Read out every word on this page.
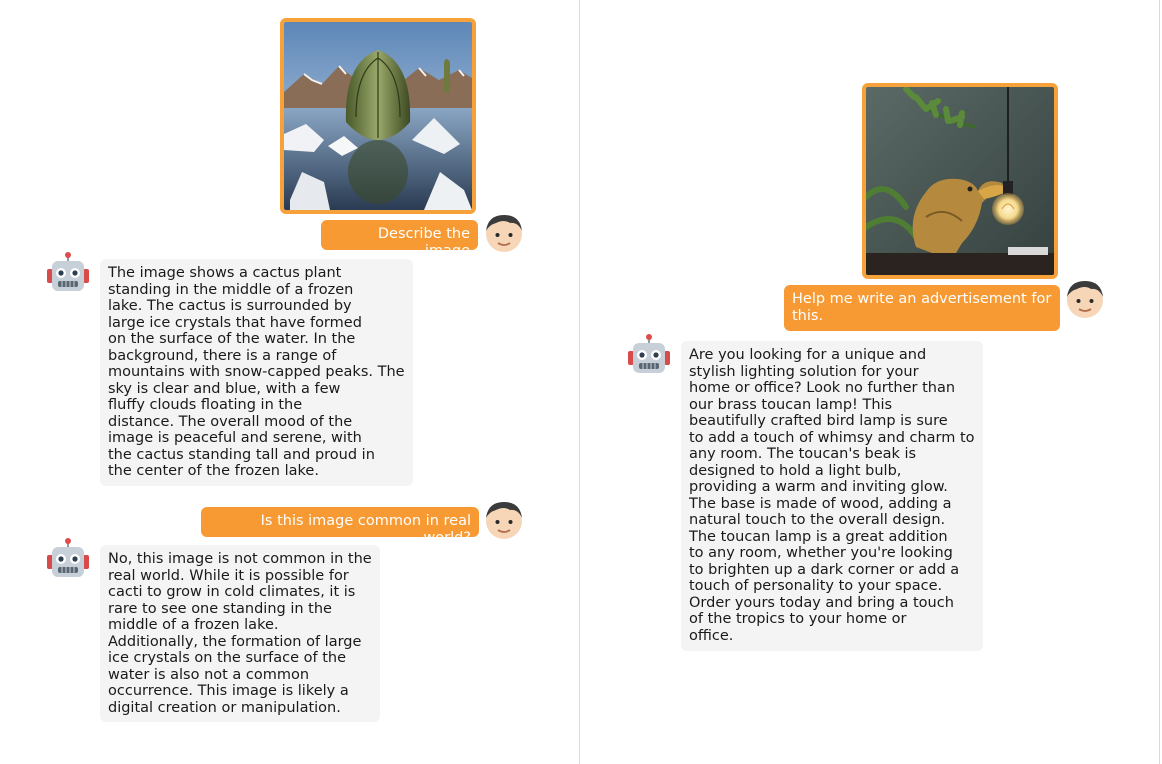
Describe the image
The image shows a cactus plant
standing in the middle of a frozen
lake. The cactus is surrounded by
large ice crystals that have formed
on the surface of the water. In the
background, there is a range of
mountains with snow-capped peaks. The
sky is clear and blue, with a few
fluffy clouds floating in the
distance. The overall mood of the
image is peaceful and serene, with
the cactus standing tall and proud in
the center of the frozen lake.
Is this image common in real world?
No, this image is not common in the
real world. While it is possible for
cacti to grow in cold climates, it is
rare to see one standing in the
middle of a frozen lake.
Additionally, the formation of large
ice crystals on the surface of the
water is also not a common
occurrence. This image is likely a
digital creation or manipulation.
Help me write an advertisement for this.
Are you looking for a unique and
stylish lighting solution for your
home or office? Look no further than
our brass toucan lamp! This
beautifully crafted bird lamp is sure
to add a touch of whimsy and charm to
any room. The toucan's beak is
designed to hold a light bulb,
providing a warm and inviting glow.
The base is made of wood, adding a
natural touch to the overall design.
The toucan lamp is a great addition
to any room, whether you're looking
to brighten up a dark corner or add a
touch of personality to your space.
Order yours today and bring a touch
of the tropics to your home or
office.
